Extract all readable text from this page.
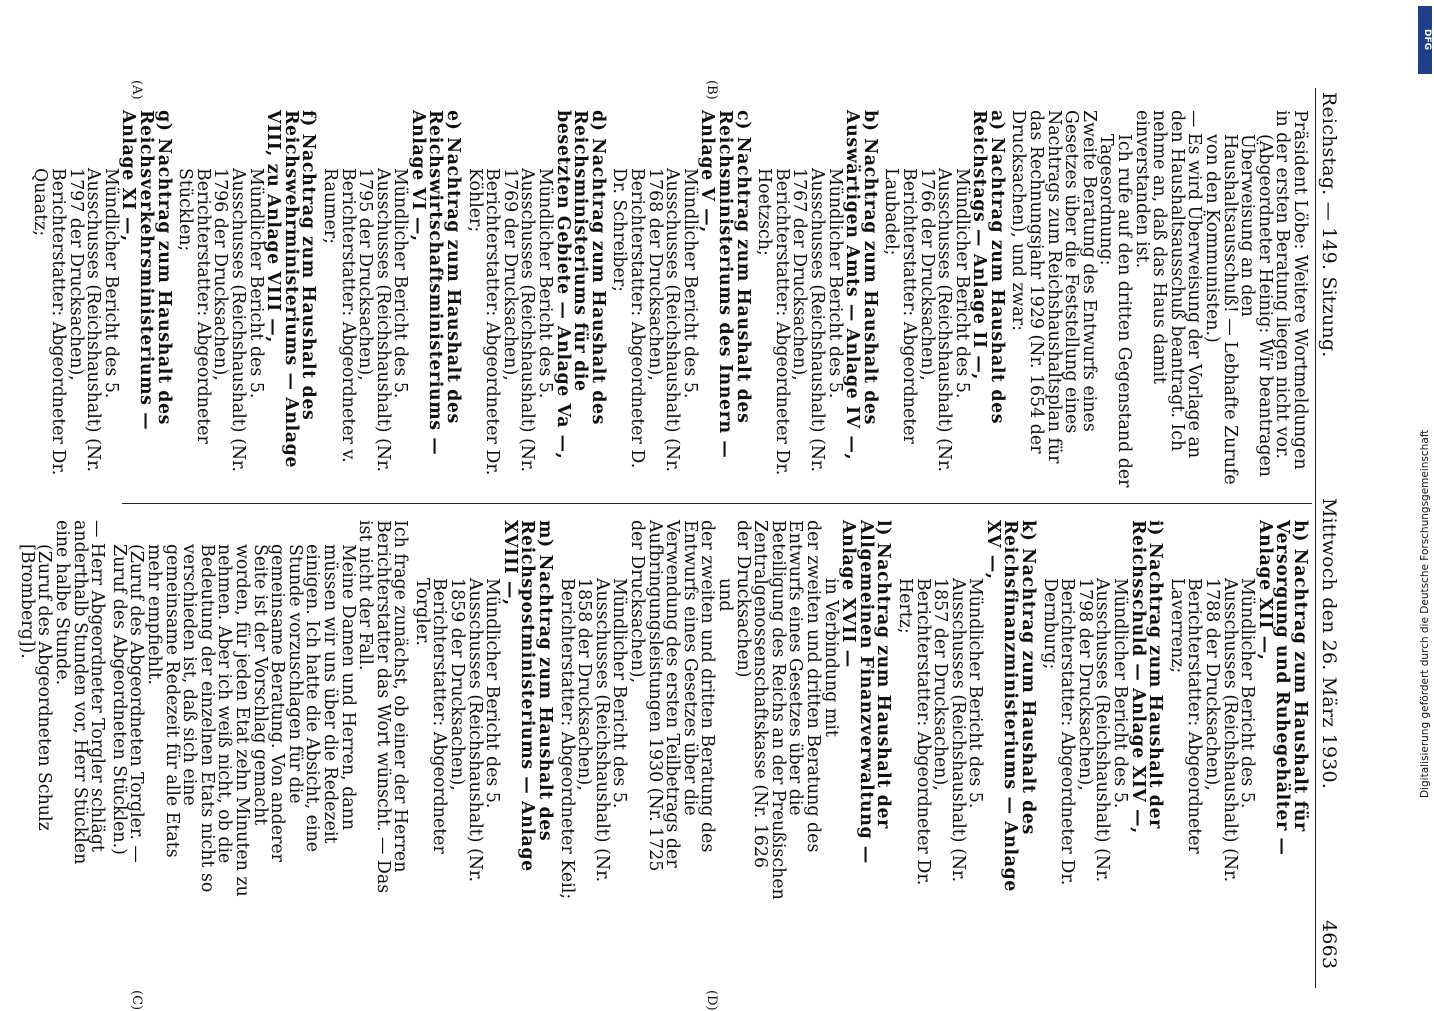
Reichstag. — 149. Sitzung.
Mittwoch den 26. März 1930.
4663
(A)	(B)
(C)	(D)

Präsident Löbe: Weitere Wortmeldungen in der ersten Beratung liegen nicht vor.

(Abgeordneter Heinig: Wir beantragen Überweisung an den Haushaltsausschuß! — Lebhafte Zurufe von den Kommunisten.)

— Es wird Überweisung der Vorlage an den Haushaltsausschuß beantragt. Ich nehme an, daß das Haus damit einverstanden ist.

Ich rufe auf den dritten Gegenstand der Tagesordnung:

Zweite Beratung des Entwurfs eines Gesetzes über die Feststellung eines Nachtrags zum Reichshaushaltsplan für das Rechnungsjahr 1929 (Nr. 1654 der Drucksachen), und zwar:

a) Nachtrag zum Haushalt des Reichstags — Anlage II —,

Mündlicher Bericht des 5. Ausschusses (Reichshaushalt) (Nr. 1766 der Drucksachen),

Berichterstatter: Abgeordneter Laubadel;

b) Nachtrag zum Haushalt des Auswärtigen Amts — Anlage IV —,

Mündlicher Bericht des 5. Ausschusses (Reichshaushalt) (Nr. 1767 der Drucksachen),

Berichterstatter: Abgeordneter Dr. Hoetzsch;

c) Nachtrag zum Haushalt des Reichsministeriums des Innern — Anlage V —,

Mündlicher Bericht des 5. Ausschusses (Reichshaushalt) (Nr. 1768 der Drucksachen),

Berichterstatter: Abgeordneter D. Dr. Schreiber;

d) Nachtrag zum Haushalt des Reichsministeriums für die besetzten Gebiete — Anlage Va —,

Mündlicher Bericht des 5. Ausschusses (Reichshaushalt) (Nr. 1769 der Drucksachen),

Berichterstatter: Abgeordneter Dr. Köhler;

e) Nachtrag zum Haushalt des Reichswirtschaftsministeriums — Anlage VI —,

Mündlicher Bericht des 5. Ausschusses (Reichshaushalt) (Nr. 1795 der Drucksachen),

Berichterstatter: Abgeordneter v. Raumer;

f) Nachtrag zum Haushalt des Reichswehrministeriums — Anlage VIII, zu Anlage VIII —,

Mündlicher Bericht des 5. Ausschusses (Reichshaushalt) (Nr. 1796 der Drucksachen),

Berichterstatter: Abgeordneter Stücklen;

g) Nachtrag zum Haushalt des Reichsverkehrsministeriums — Anlage XI —,

Mündlicher Bericht des 5. Ausschusses (Reichshaushalt) (Nr. 1797 der Drucksachen),

Berichterstatter: Abgeordneter Dr. Quaatz;

h) Nachtrag zum Haushalt für Versorgung und Ruhegehälter — Anlage XII —,

Mündlicher Bericht des 5. Ausschusses (Reichshaushalt) (Nr. 1788 der Drucksachen),

Berichterstatter: Abgeordneter Laverrenz;

i) Nachtrag zum Haushalt der Reichsschuld — Anlage XIV —,

Mündlicher Bericht des 5. Ausschusses (Reichshaushalt) (Nr. 1798 der Drucksachen),

Berichterstatter: Abgeordneter Dr. Dernburg;

k) Nachtrag zum Haushalt des Reichsfinanzministeriums — Anlage XV —,

Mündlicher Bericht des 5. Ausschusses (Reichshaushalt) (Nr. 1857 der Drucksachen),

Berichterstatter: Abgeordneter Dr. Hertz;

l) Nachtrag zum Haushalt der Allgemeinen Finanzverwaltung — Anlage XVII —

in Verbindung mit

der zweiten und dritten Beratung des Entwurfs eines Gesetzes über die Beteiligung des Reichs an der Preußischen Zentralgenossenschaftskasse (Nr. 1626 der Drucksachen)

und

der zweiten und dritten Beratung des Entwurfs eines Gesetzes über die Verwendung des ersten Teilbetrags der Aufbringungsleistungen 1930 (Nr. 1725 der Drucksachen),

Mündlicher Bericht des 5. Ausschusses (Reichshaushalt) (Nr. 1858 der Drucksachen),

Berichterstatter: Abgeordneter Keil;

m) Nachtrag zum Haushalt des Reichspostministeriums — Anlage XVIII —,

Mündlicher Bericht des 5. Ausschusses (Reichshaushalt) (Nr. 1859 der Drucksachen),

Berichterstatter: Abgeordneter Torgler.

Ich frage zunächst, ob einer der Herren Berichterstatter das Wort wünscht. — Das ist nicht der Fall.

Meine Damen und Herren, dann müssen wir uns über die Redezeit einigen. Ich hatte die Absicht, eine Stunde vorzuschlagen für die gemeinsame Beratung. Von anderer Seite ist der Vorschlag gemacht worden, für jeden Etat zehn Minuten zu nehmen. Aber ich weiß nicht, ob die Bedeutung der einzelnen Etats nicht so verschieden ist, daß sich eine gemeinsame Redezeit für alle Etats mehr empfiehlt.

(Zuruf des Abgeordneten Torgler. — Zuruf des Abgeordneten Stücklen.)

— Herr Abgeordneter Torgler schlägt anderthalb Stunden vor, Herr Stücklen eine halbe Stunde.

(Zuruf des Abgeordneten Schulz [Bromberg]).

DFG
Digitalisierung gefördert durch die Deutsche Forschungsgemeinschaft
